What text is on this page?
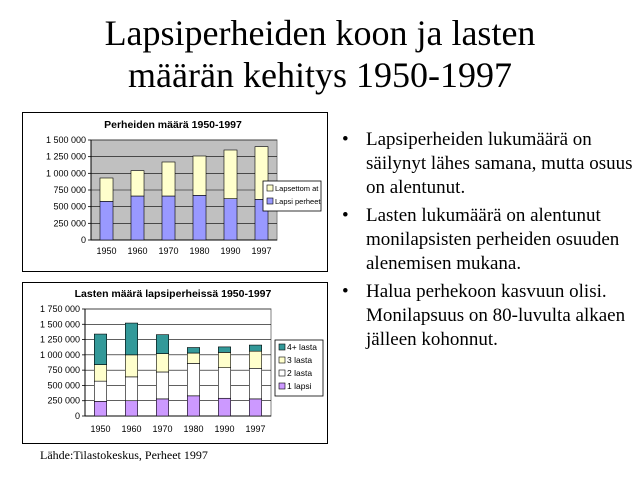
Lapsiperheiden koon ja lasten
määrän kehitys 1950-1997
Perheiden määrä 1950-1997
0
250 000
500 000
750 000
1 000 000
1 250 000
1 500 000
1950 1960 1970 1980 1990 1997
Lapsettom at
Lapsi perheet
Lasten määrä lapsiperheissä 1950-1997
0
250 000
500 000
750 000
1 000 000
1 250 000
1 500 000
1 750 000
1950 1960 1970 1980 1990 1997
4+ lasta
3 lasta
2 lasta
1 lapsi
• Lapsiperheiden lukumäärä on säilynyt lähes samana, mutta osuus on alentunut.
• Lasten lukumäärä on alentunut monilapsisten perheiden osuuden alenemisen mukana.
• Halua perhekoon kasvuun olisi. Monilapsuus on 80-luvulta alkaen jälleen kohonnut.
Lähde:Tilastokeskus, Perheet 1997
